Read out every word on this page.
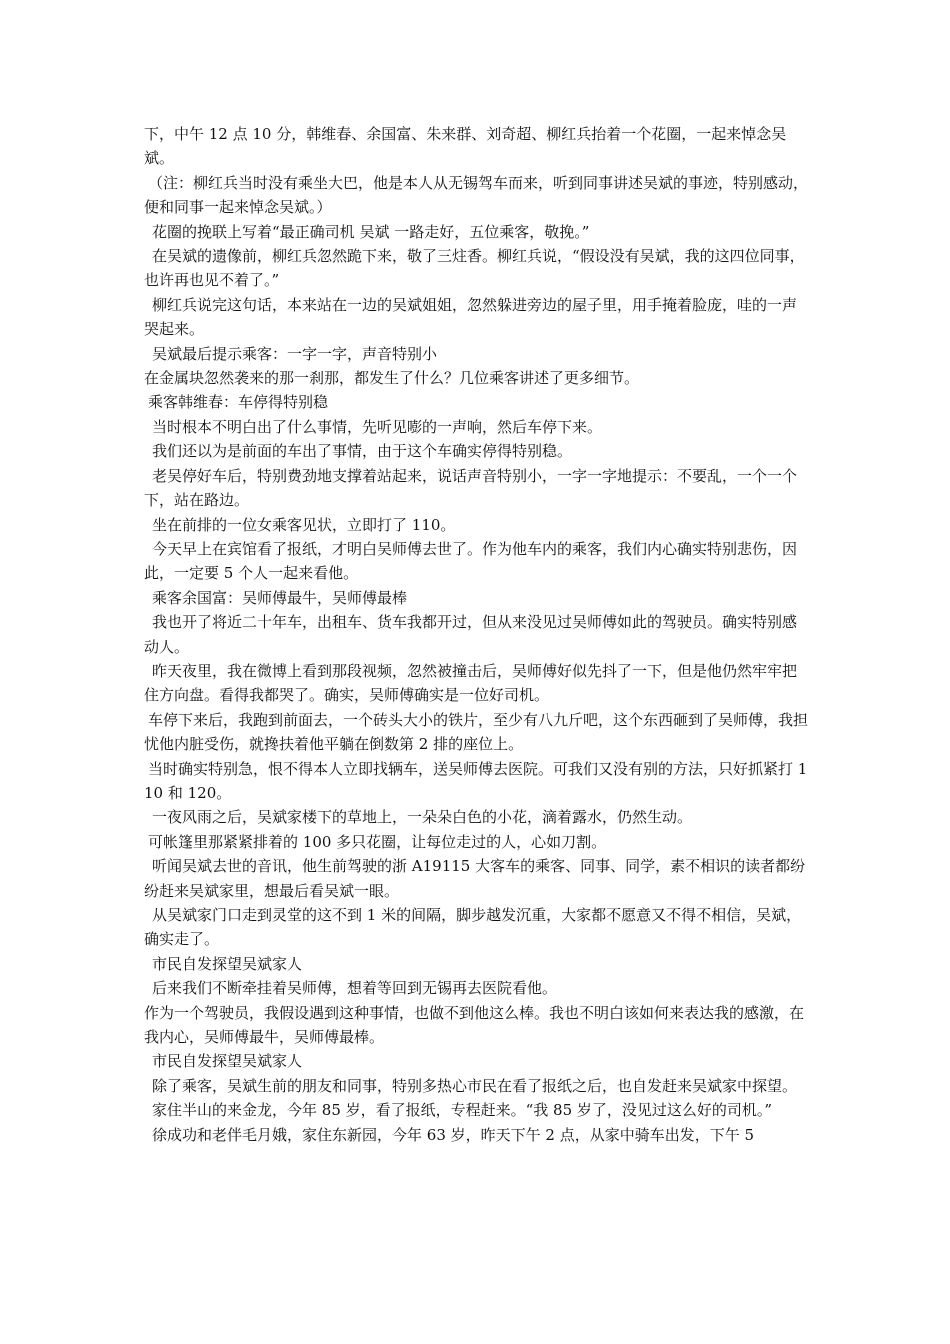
下，中午 12 点 10 分，韩维春、余国富、朱来群、刘奇超、柳红兵抬着一个花圈，一起来悼念吴斌。

（注：柳红兵当时没有乘坐大巴，他是本人从无锡驾车而来，听到同事讲述吴斌的事迹，特别感动，便和同事一起来悼念吴斌。）

花圈的挽联上写着“最正确司机 吴斌 一路走好，五位乘客，敬挽。”

在吴斌的遗像前，柳红兵忽然跪下来，敬了三炷香。柳红兵说，“假设没有吴斌，我的这四位同事，也许再也见不着了。”

柳红兵说完这句话，本来站在一边的吴斌姐姐，忽然躲进旁边的屋子里，用手掩着脸庞，哇的一声哭起来。

吴斌最后提示乘客：一字一字，声音特别小

在金属块忽然袭来的那一刹那，都发生了什么？几位乘客讲述了更多细节。

乘客韩维春：车停得特别稳

当时根本不明白出了什么事情，先听见嘭的一声响，然后车停下来。

我们还以为是前面的车出了事情，由于这个车确实停得特别稳。

老吴停好车后，特别费劲地支撑着站起来，说话声音特别小，一字一字地提示：不要乱，一个一个下，站在路边。

坐在前排的一位女乘客见状，立即打了 110。

今天早上在宾馆看了报纸，才明白吴师傅去世了。作为他车内的乘客，我们内心确实特别悲伤，因此，一定要 5 个人一起来看他。

乘客余国富：吴师傅最牛，吴师傅最棒

我也开了将近二十年车，出租车、货车我都开过，但从来没见过吴师傅如此的驾驶员。确实特别感动人。

昨天夜里，我在微博上看到那段视频，忽然被撞击后，吴师傅好似先抖了一下，但是他仍然牢牢把住方向盘。看得我都哭了。确实，吴师傅确实是一位好司机。

车停下来后，我跑到前面去，一个砖头大小的铁片，至少有八九斤吧，这个东西砸到了吴师傅，我担忧他内脏受伤，就搀扶着他平躺在倒数第 2 排的座位上。

当时确实特别急，恨不得本人立即找辆车，送吴师傅去医院。可我们又没有别的方法，只好抓紧打 110 和 120。

一夜风雨之后，吴斌家楼下的草地上，一朵朵白色的小花，滴着露水，仍然生动。

可帐篷里那紧紧排着的 100 多只花圈，让每位走过的人，心如刀割。

听闻吴斌去世的音讯，他生前驾驶的浙 A19115 大客车的乘客、同事、同学，素不相识的读者都纷纷赶来吴斌家里，想最后看吴斌一眼。

从吴斌家门口走到灵堂的这不到 1 米的间隔，脚步越发沉重，大家都不愿意又不得不相信，吴斌，确实走了。

市民自发探望吴斌家人

后来我们不断牵挂着吴师傅，想着等回到无锡再去医院看他。

作为一个驾驶员，我假设遇到这种事情，也做不到他这么棒。我也不明白该如何来表达我的感激，在我内心，吴师傅最牛，吴师傅最棒。

市民自发探望吴斌家人

除了乘客，吴斌生前的朋友和同事，特别多热心市民在看了报纸之后，也自发赶来吴斌家中探望。

家住半山的来金龙，今年 85 岁，看了报纸，专程赶来。“我 85 岁了，没见过这么好的司机。”

徐成功和老伴毛月娥，家住东新园，今年 63 岁，昨天下午 2 点，从家中骑车出发，下午 5
